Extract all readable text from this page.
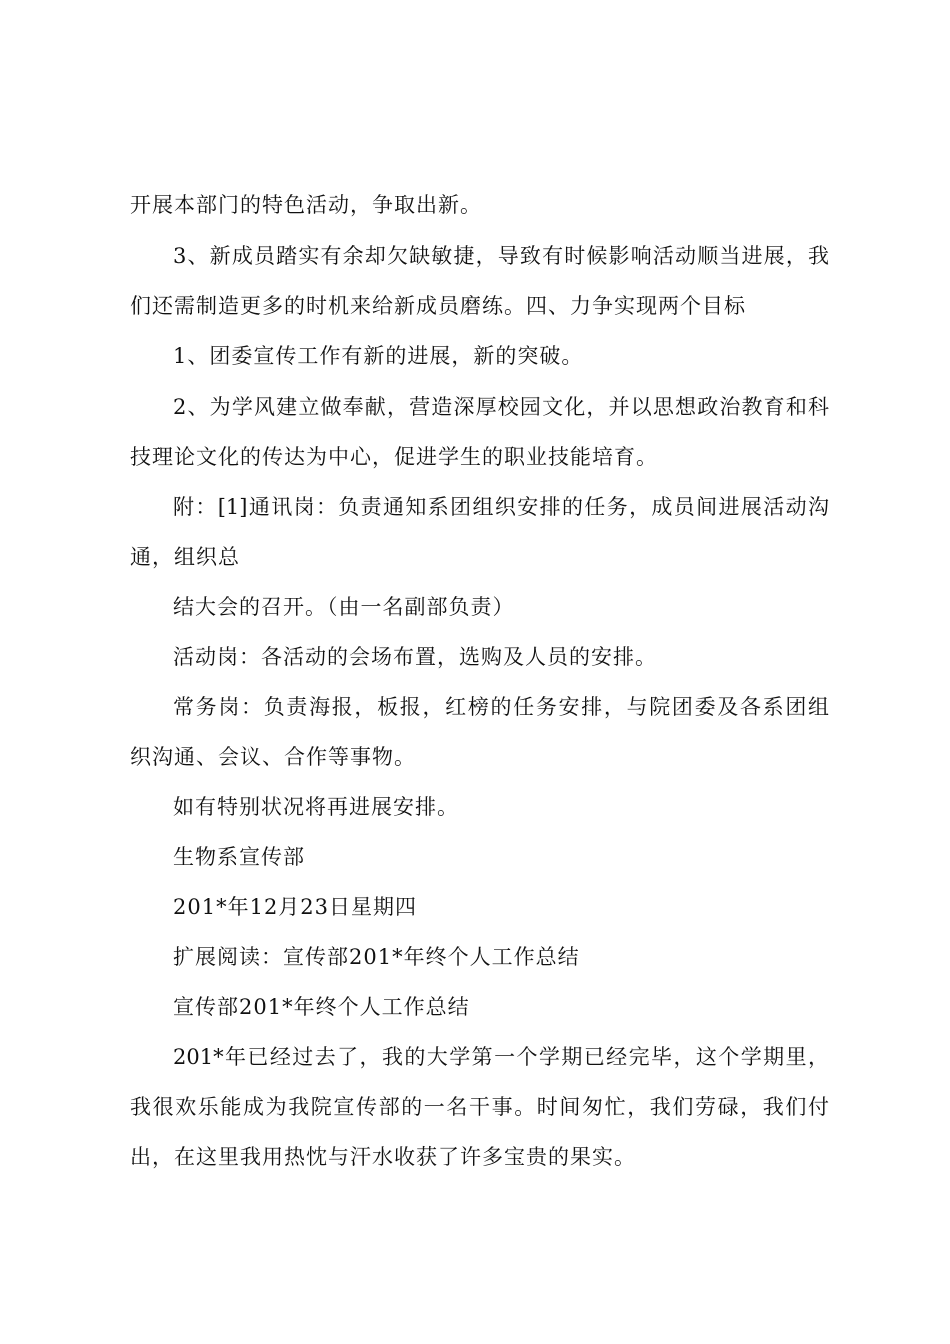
开展本部门的特色活动，争取出新。
3、新成员踏实有余却欠缺敏捷，导致有时候影响活动顺当进展，我
们还需制造更多的时机来给新成员磨练。四、力争实现两个目标
1、团委宣传工作有新的进展，新的突破。
2、为学风建立做奉献，营造深厚校园文化，并以思想政治教育和科
技理论文化的传达为中心，促进学生的职业技能培育。
附：[1]通讯岗：负责通知系团组织安排的任务，成员间进展活动沟
通，组织总
结大会的召开。（由一名副部负责）
活动岗：各活动的会场布置，选购及人员的安排。
常务岗：负责海报，板报，红榜的任务安排，与院团委及各系团组
织沟通、会议、合作等事物。
如有特别状况将再进展安排。
生物系宣传部
201*年12月23日星期四
扩展阅读：宣传部201*年终个人工作总结
宣传部201*年终个人工作总结
201*年已经过去了，我的大学第一个学期已经完毕，这个学期里，
我很欢乐能成为我院宣传部的一名干事。时间匆忙，我们劳碌，我们付
出，在这里我用热忱与汗水收获了许多宝贵的果实。
